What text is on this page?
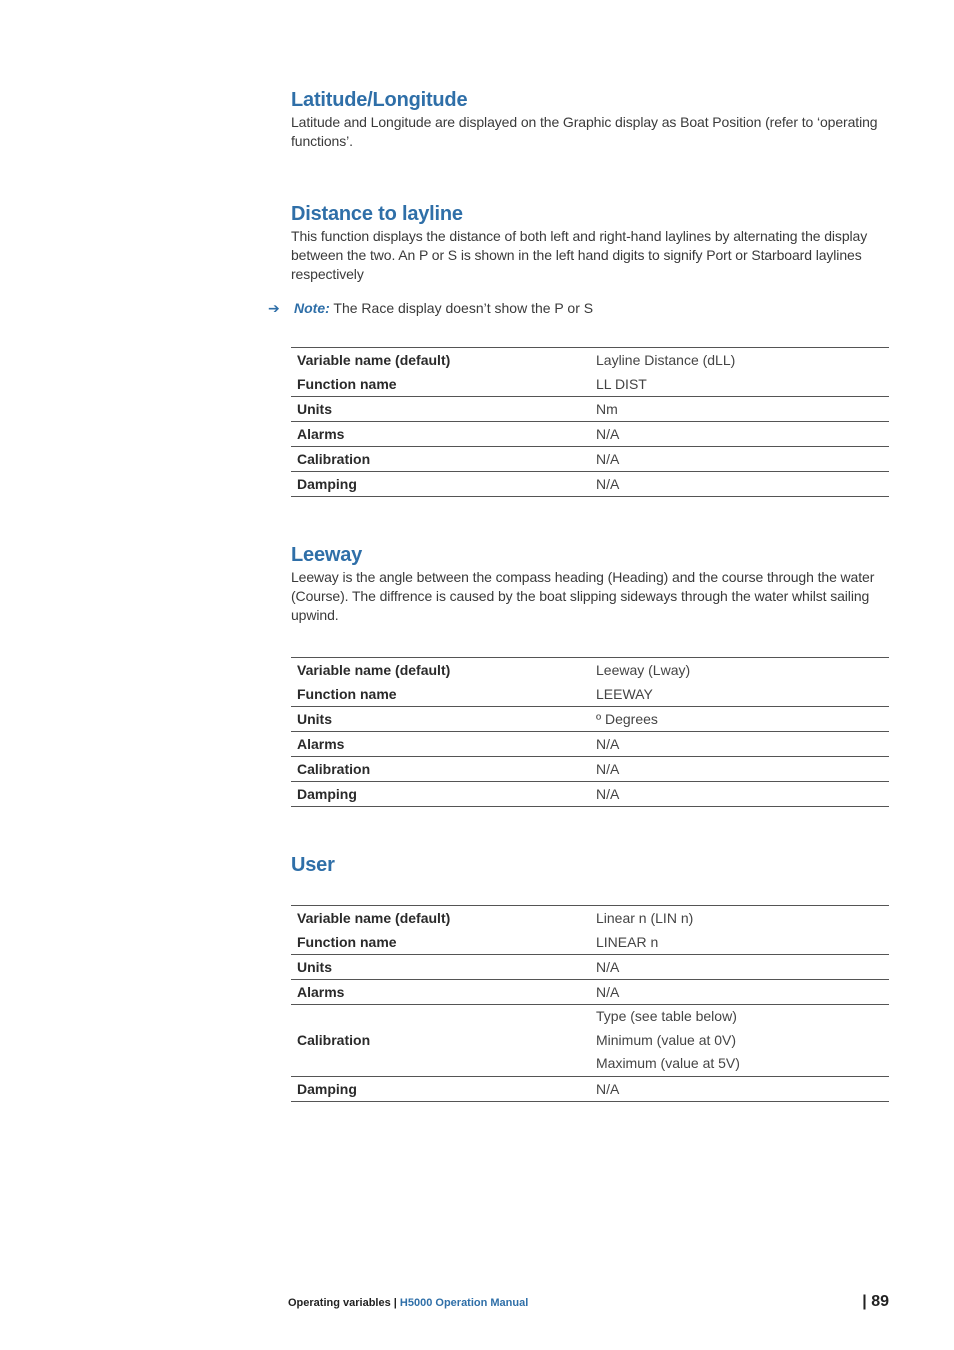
Latitude/Longitude

Latitude and Longitude are displayed on the Graphic display as Boat Position (refer to ‘operating functions’.

Distance to layline

This function displays the distance of both left and right-hand laylines by alternating the display between the two. An P or S is shown in the left hand digits to signify Port or Starboard laylines respectively

➔ Note: The Race display doesn’t show the P or S
Variable name (default)	Layline Distance (dLL)
Function name	LL DIST
Units	Nm
Alarms	N/A
Calibration	N/A
Damping	N/A
Leeway

Leeway is the angle between the compass heading (Heading) and the course through the water (Course). The diffrence is caused by the boat slipping sideways through the water whilst sailing upwind.

Variable name (default)	Leeway (Lway)
Function name	LEEWAY
Units	º Degrees
Alarms	N/A
Calibration	N/A
Damping	N/A
User
Variable name (default)	Linear n (LIN n)
Function name	LINEAR n
Units	N/A
Alarms	N/A
Calibration	Type (see table below)
Minimum (value at 0V)
Maximum (value at 5V)

Damping	N/A
Operating variables | H5000 Operation Manual	| 89
